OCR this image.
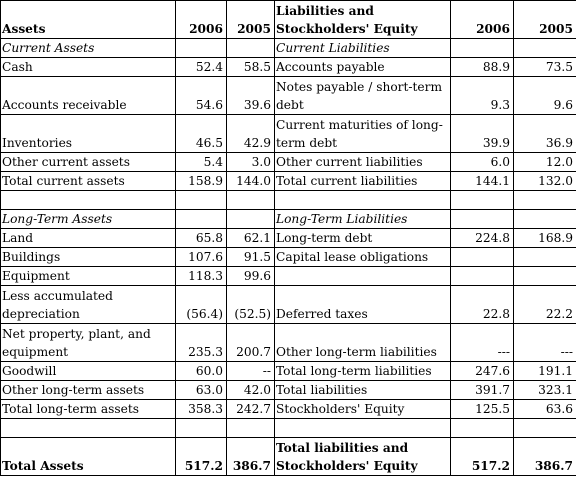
Assets	2006	2005	Liabilities and Stockholders' Equity	2006	2005
Current Assets			Current Liabilities		
Cash	52.4	58.5	Accounts payable	88.9	73.5
Accounts receivable	54.6	39.6	Notes payable / short-term debt	9.3	9.6
Inventories	46.5	42.9	Current maturities of long-term debt	39.9	36.9
Other current assets	5.4	3.0	Other current liabilities	6.0	12.0
Total current assets	158.9	144.0	Total current liabilities	144.1	132.0

Long-Term Assets			Long-Term Liabilities		
Land	65.8	62.1	Long-term debt	224.8	168.9
Buildings	107.6	91.5	Capital lease obligations		
Equipment	118.3	99.6			
Less accumulated depreciation	(56.4)	(52.5)	Deferred taxes	22.8	22.2
Net property, plant, and equipment	235.3	200.7	Other long-term liabilities	---	---
Goodwill	60.0	--	Total long-term liabilities	247.6	191.1
Other long-term assets	63.0	42.0	Total liabilities	391.7	323.1
Total long-term assets	358.3	242.7	Stockholders' Equity	125.5	63.6

Total Assets	517.2	386.7	Total liabilities and Stockholders' Equity	517.2	386.7
